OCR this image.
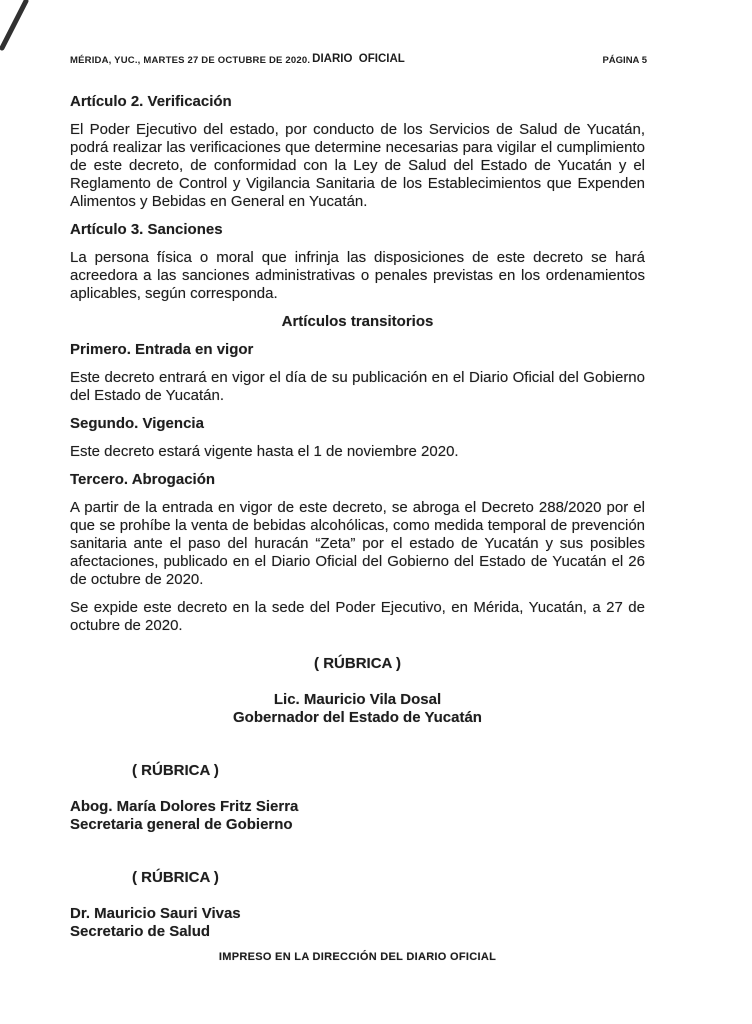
MÉRIDA, YUC., MARTES 27 DE OCTUBRE DE 2020. DIARIO  OFICIAL	PÁGINA 5
Artículo 2. Verificación

El Poder Ejecutivo del estado, por conducto de los Servicios de Salud de Yucatán, podrá realizar las verificaciones que determine necesarias para vigilar el cumplimiento de este decreto, de conformidad con la Ley de Salud del Estado de Yucatán y el Reglamento de Control y Vigilancia Sanitaria de los Establecimientos que Expenden Alimentos y Bebidas en General en Yucatán.

Artículo 3. Sanciones

La persona física o moral que infrinja las disposiciones de este decreto se hará acreedora a las sanciones administrativas o penales previstas en los ordenamientos aplicables, según corresponda.

Artículos transitorios
Primero. Entrada en vigor

Este decreto entrará en vigor el día de su publicación en el Diario Oficial del Gobierno del Estado de Yucatán.

Segundo. Vigencia

Este decreto estará vigente hasta el 1 de noviembre 2020.

Tercero. Abrogación

A partir de la entrada en vigor de este decreto, se abroga el Decreto 288/2020 por el que se prohíbe la venta de bebidas alcohólicas, como medida temporal de prevención sanitaria ante el paso del huracán “Zeta” por el estado de Yucatán y sus posibles afectaciones, publicado en el Diario Oficial del Gobierno del Estado de Yucatán el 26 de octubre de 2020.

Se expide este decreto en la sede del Poder Ejecutivo, en Mérida, Yucatán, a 27 de octubre de 2020.

( RÚBRICA )
Lic. Mauricio Vila Dosal
Gobernador del Estado de Yucatán
( RÚBRICA )
Abog. María Dolores Fritz Sierra
Secretaria general de Gobierno
( RÚBRICA )
Dr. Mauricio Sauri Vivas
Secretario de Salud
IMPRESO EN LA DIRECCIÓN DEL DIARIO OFICIAL
